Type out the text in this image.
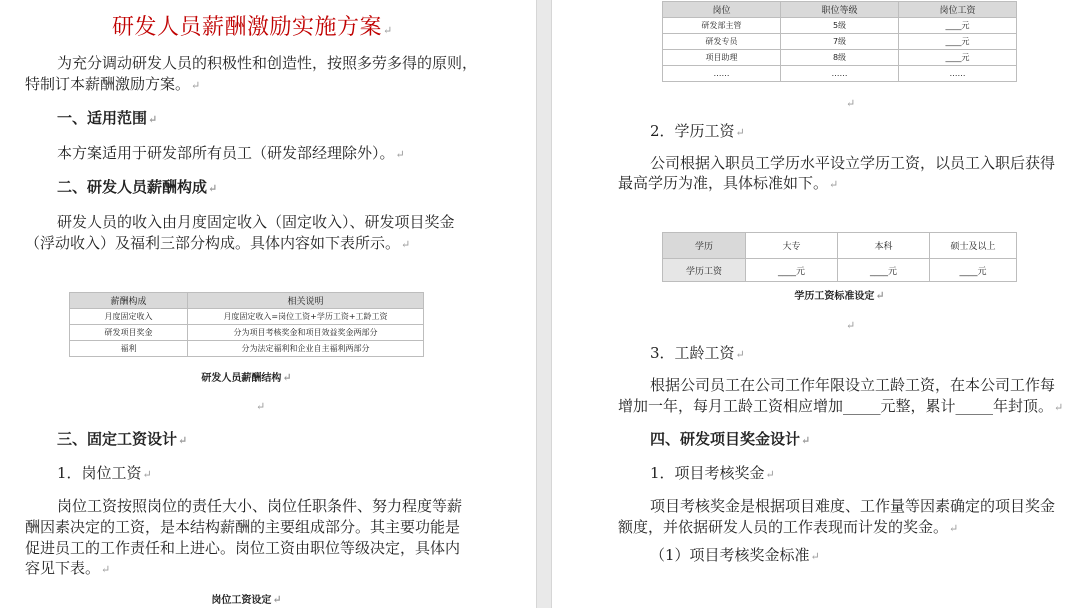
研发人员薪酬激励实施方案↵
为充分调动研发人员的积极性和创造性，按照多劳多得的原则，
特制订本薪酬激励方案。↵
一、适用范围↵
本方案适用于研发部所有员工（研发部经理除外）。↵
二、研发人员薪酬构成↵
研发人员的收入由月度固定收入（固定收入）、研发项目奖金
（浮动收入）及福利三部分构成。具体内容如下表所示。↵
薪酬构成	相关说明
月度固定收入	月度固定收入=岗位工资+学历工资+工龄工资
研发项目奖金	分为项目考核奖金和项目效益奖金两部分
福利	分为法定福利和企业自主福利两部分
研发人员薪酬结构↵
↵
三、固定工资设计↵
1．岗位工资↵
岗位工资按照岗位的责任大小、岗位任职条件、努力程度等薪
酬因素决定的工资，是本结构薪酬的主要组成部分。其主要功能是
促进员工的工作责任和上进心。岗位工资由职位等级决定，具体内
容见下表。↵
岗位工资设定↵
岗位	职位等级	岗位工资
研发部主管	5级	____元
研发专员	7级	____元
项目助理	8级	____元
……	……	……
↵
2．学历工资↵
公司根据入职员工学历水平设立学历工资，以员工入职后获得
最高学历为准，具体标准如下。↵
学历	大专	本科	硕士及以上
学历工资	____元	____元	____元
学历工资标准设定↵
↵
3．工龄工资↵
根据公司员工在公司工作年限设立工龄工资，在本公司工作每
增加一年，每月工龄工资相应增加_____元整，累计_____年封顶。↵
四、研发项目奖金设计↵
1．项目考核奖金↵
项目考核奖金是根据项目难度、工作量等因素确定的项目奖金
额度，并依据研发人员的工作表现而计发的奖金。↵
（1）项目考核奖金标准↵
